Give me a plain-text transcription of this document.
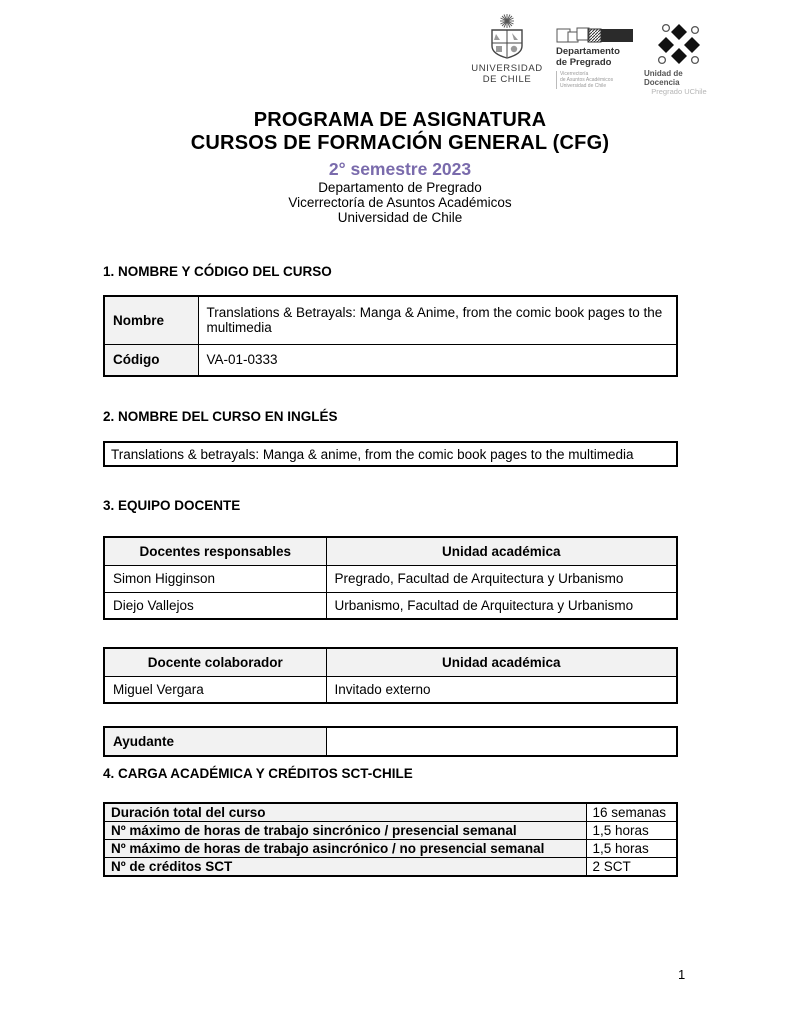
UNIVERSIDAD
DE CHILE
Departamento
de Pregrado
Vicerrectoría
de Asuntos Académicos
Universidad de Chile
Unidad de Docencia
Pregrado UChile
PROGRAMA DE ASIGNATURA
CURSOS DE FORMACIÓN GENERAL (CFG)
2° semestre 2023
Departamento de Pregrado
Vicerrectoría de Asuntos Académicos
Universidad de Chile
1. NOMBRE Y CÓDIGO DEL CURSO
Nombre	Translations & Betrayals: Manga & Anime, from the comic book pages to the multimedia
Código	VA-01-0333
2. NOMBRE DEL CURSO EN INGLÉS
Translations & betrayals: Manga & anime, from the comic book pages to the multimedia
3. EQUIPO DOCENTE
Docentes responsables	Unidad académica
Simon Higginson	Pregrado, Facultad de Arquitectura y Urbanismo
Diejo Vallejos	Urbanismo, Facultad de Arquitectura y Urbanismo
Docente colaborador	Unidad académica
Miguel Vergara	Invitado externo
Ayudante	
4. CARGA ACADÉMICA Y CRÉDITOS SCT-CHILE
Duración total del curso	16 semanas
Nº máximo de horas de trabajo sincrónico / presencial semanal	1,5 horas
Nº máximo de horas de trabajo asincrónico / no presencial semanal	1,5 horas
Nº de créditos SCT	2 SCT
1
